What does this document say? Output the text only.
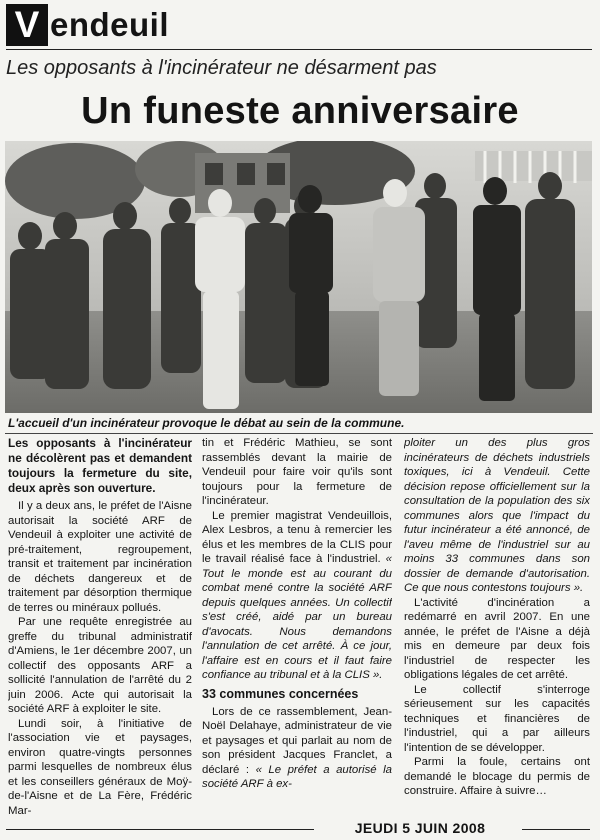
V endeuil
Les opposants à l'incinérateur ne désarment pas
Un funeste anniversaire
L'accueil d'un incinérateur provoque le débat au sein de la commune.

Les opposants à l'incinérateur ne décolèrent pas et demandent toujours la fermeture du site, deux après son ouverture.

Il y a deux ans, le préfet de l'Aisne autorisait la société ARF de Vendeuil à exploiter une activité de pré-traitement, regroupement, transit et traitement par incinération de déchets dangereux et de traitement par désorption thermique de terres ou minéraux pollués.

Par une requête enregistrée au greffe du tribunal administratif d'Amiens, le 1er décembre 2007, un collectif des opposants ARF a sollicité l'annulation de l'arrêté du 2 juin 2006. Acte qui autorisait la société ARF à exploiter le site.

Lundi soir, à l'initiative de l'association vie et paysages, environ quatre-vingts personnes parmi lesquelles de nombreux élus et les conseillers généraux de Moÿ-de-l'Aisne et de La Fère, Frédéric Mar-

tin et Frédéric Mathieu, se sont rassemblés devant la mairie de Vendeuil pour faire voir qu'ils sont toujours pour la fermeture de l'incinérateur.

Le premier magistrat Vendeuillois, Alex Lesbros, a tenu à remercier les élus et les membres de la CLIS pour le travail réalisé face à l'industriel. « Tout le monde est au courant du combat mené contre la société ARF depuis quelques années. Un collectif s'est créé, aidé par un bureau d'avocats. Nous demandons l'annulation de cet arrêté. À ce jour, l'affaire est en cours et il faut faire confiance au tribunal et à la CLIS ».

33 communes concernées

Lors de ce rassemblement, Jean-Noël Delahaye, administrateur de vie et paysages et qui parlait au nom de son président Jacques Franclet, a déclaré : « Le préfet a autorisé la société ARF à ex-

ploiter un des plus gros incinérateurs de déchets industriels toxiques, ici à Vendeuil. Cette décision repose officiellement sur la consultation de la population des six communes alors que l'impact du futur incinérateur a été annoncé, de l'aveu même de l'industriel sur au moins 33 communes dans son dossier de demande d'autorisation. Ce que nous contestons toujours ».

L'activité d'incinération a redémarré en avril 2007. En une année, le préfet de l'Aisne a déjà mis en demeure par deux fois l'industriel de respecter les obligations légales de cet arrêté.

Le collectif s'interroge sérieusement sur les capacités techniques et financières de l'industriel, qui a par ailleurs l'intention de se développer.

Parmi la foule, certains ont demandé le blocage du permis de construire. Affaire à suivre…

JEUDI 5 JUIN 2008
